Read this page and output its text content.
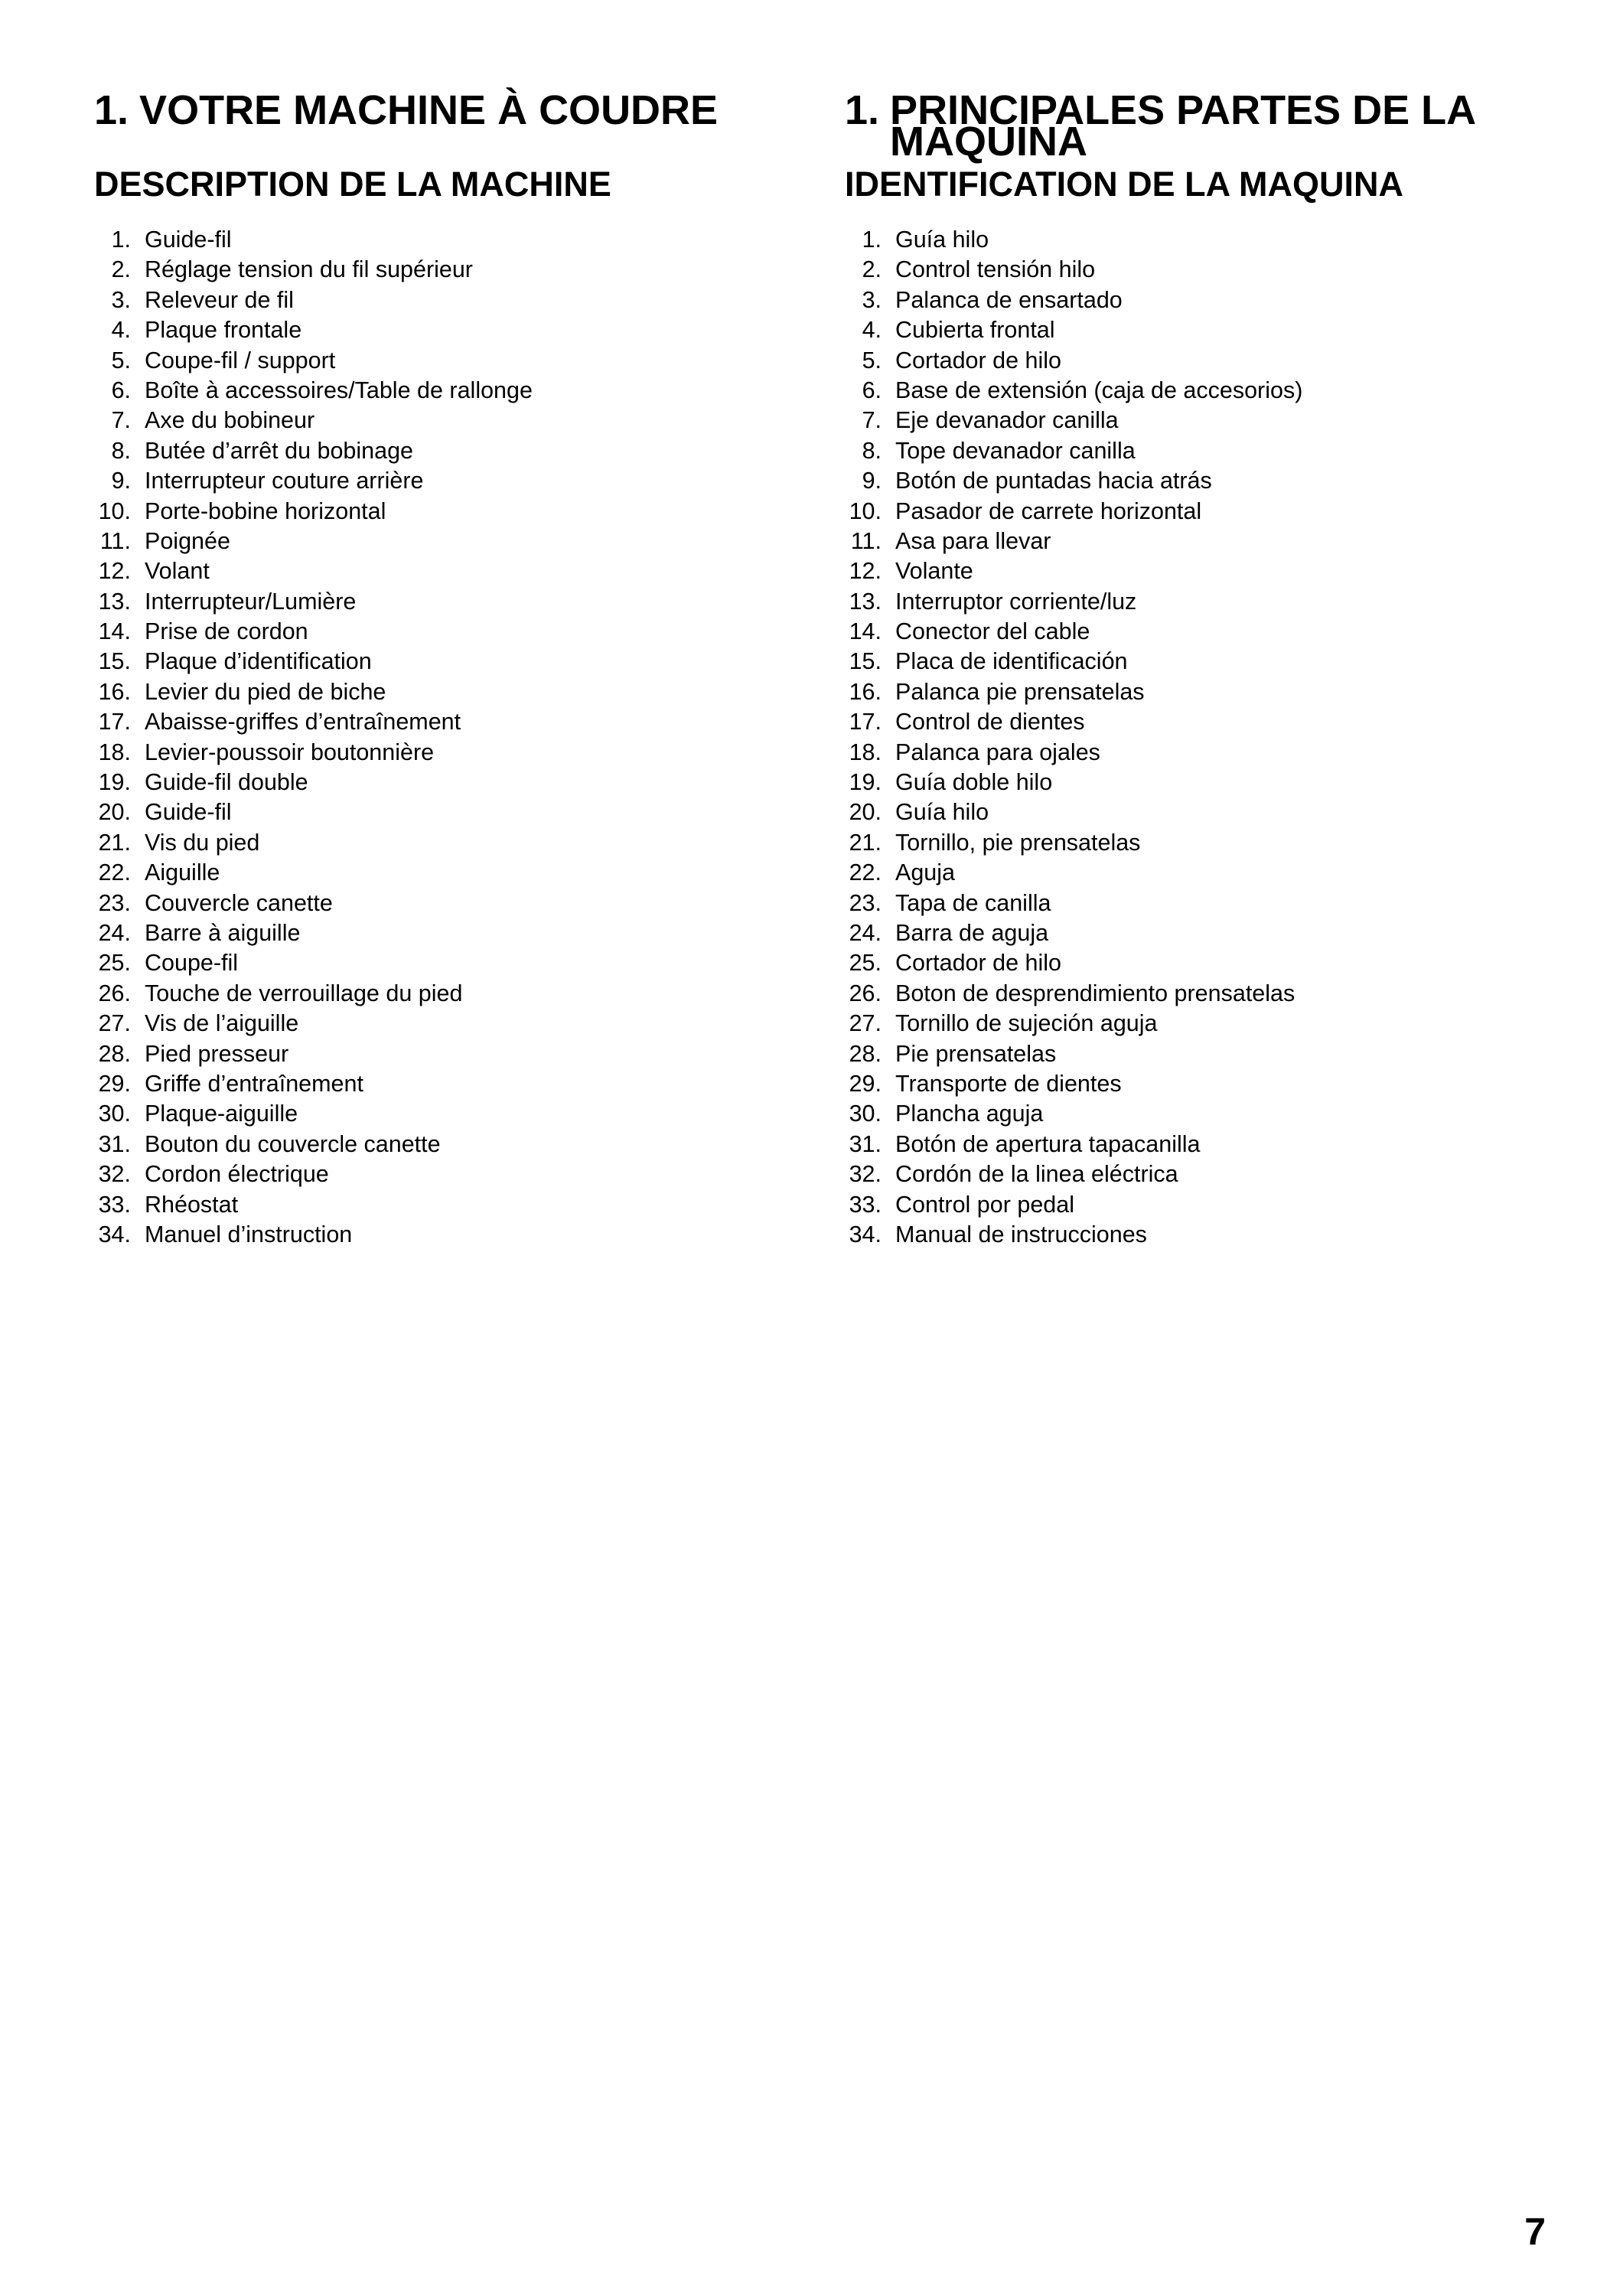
1. VOTRE MACHINE À COUDRE
DESCRIPTION DE LA MACHINE
1. Guide-fil
2. Réglage tension du fil supérieur
3. Releveur de fil
4. Plaque frontale
5. Coupe-fil / support
6. Boîte à accessoires/Table de rallonge
7. Axe du bobineur
8. Butée d’arrêt du bobinage
9. Interrupteur couture arrière
10. Porte-bobine horizontal
11. Poignée
12. Volant
13. Interrupteur/Lumière
14. Prise de cordon
15. Plaque d’identification
16. Levier du pied de biche
17. Abaisse-griffes d’entraînement
18. Levier-poussoir boutonnière
19. Guide-fil double
20. Guide-fil
21. Vis du pied
22. Aiguille
23. Couvercle canette
24. Barre à aiguille
25. Coupe-fil
26. Touche de verrouillage du pied
27. Vis de l’aiguille
28. Pied presseur
29. Griffe d’entraînement
30. Plaque-aiguille
31. Bouton du couvercle canette
32. Cordon électrique
33. Rhéostat
34. Manuel d’instruction
1. PRINCIPALES PARTES DE LA MAQUINA
IDENTIFICATION DE LA MAQUINA
1. Guía hilo
2. Control tensión hilo
3. Palanca de ensartado
4. Cubierta frontal
5. Cortador de hilo
6. Base de extensión (caja de accesorios)
7. Eje devanador canilla
8. Tope devanador canilla
9. Botón de puntadas hacia atrás
10. Pasador de carrete horizontal
11. Asa para llevar
12. Volante
13. Interruptor corriente/luz
14. Conector del cable
15. Placa de identificación
16. Palanca pie prensatelas
17. Control de dientes
18. Palanca para ojales
19. Guía doble hilo
20. Guía hilo
21. Tornillo, pie prensatelas
22. Aguja
23. Tapa de canilla
24. Barra de aguja
25. Cortador de hilo
26. Boton de desprendimiento prensatelas
27. Tornillo de sujeción aguja
28. Pie prensatelas
29. Transporte de dientes
30. Plancha aguja
31. Botón de apertura tapacanilla
32. Cordón de la linea eléctrica
33. Control por pedal
34. Manual de instrucciones
7
